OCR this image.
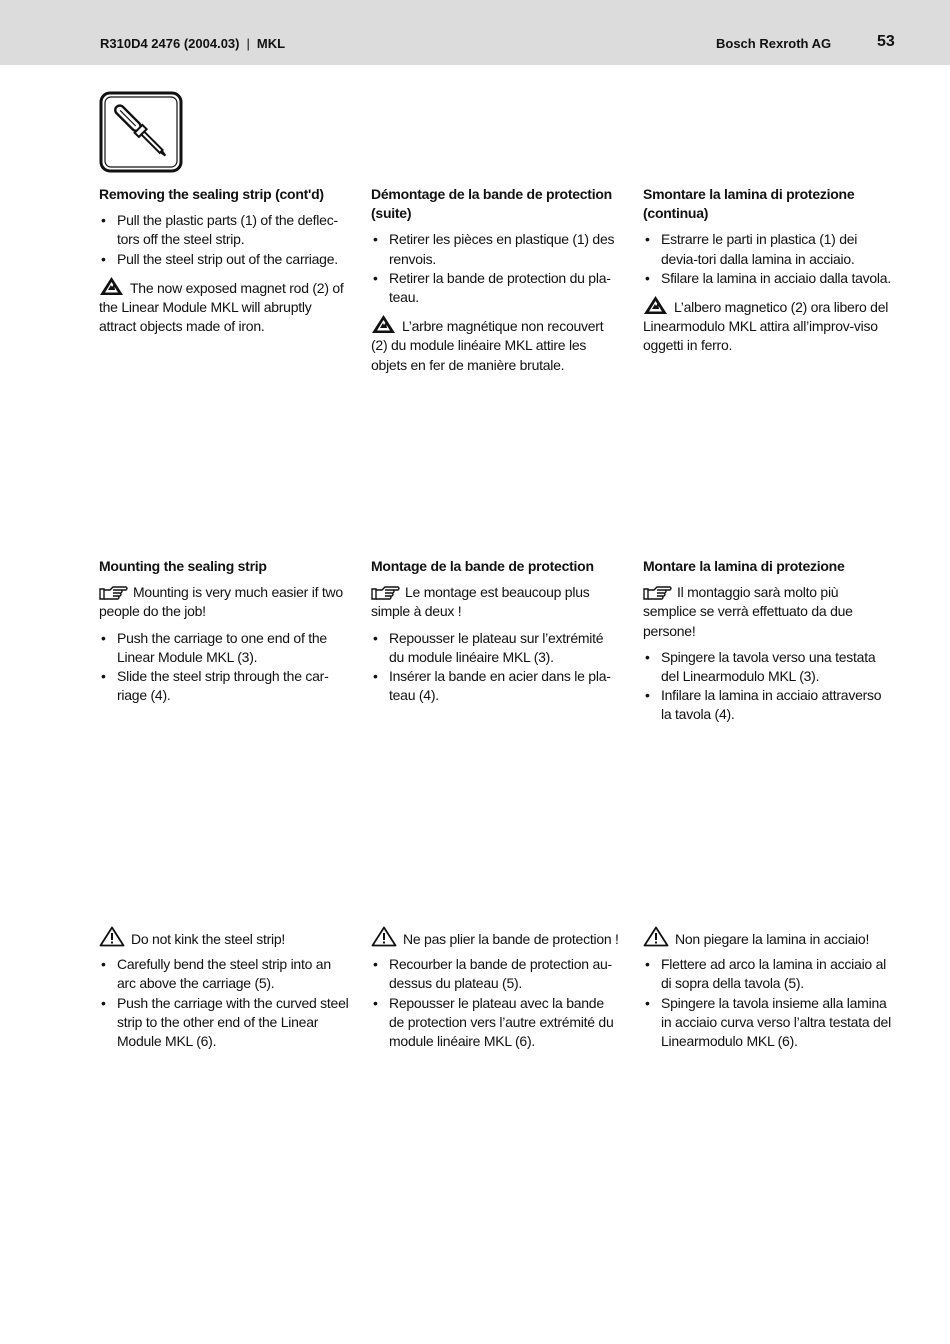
R310D4 2476 (2004.03) | MKL	Bosch Rexroth AG	53
Removing the sealing strip (cont'd)
• Pull the plastic parts (1) of the deflec-tors off the steel strip.
• Pull the steel strip out of the carriage.
The now exposed magnet rod (2) of the Linear Module MKL will abruptly attract objects made of iron.
Démontage de la bande de protection (suite)
• Retirer les pièces en plastique (1) des renvois.
• Retirer la bande de protection du pla-teau.
L’arbre magnétique non recouvert (2) du module linéaire MKL attire les objets en fer de manière brutale.
Smontare la lamina di protezione (continua)
• Estrarre le parti in plastica (1) dei devia-tori dalla lamina in acciaio.
• Sfilare la lamina in acciaio dalla tavola.
L’albero magnetico (2) ora libero del Linearmodulo MKL attira all’improv-viso oggetti in ferro.
Mounting the sealing strip
Mounting is very much easier if two people do the job!
• Push the carriage to one end of the Linear Module MKL (3).
• Slide the steel strip through the car-riage (4).
Montage de la bande de protection
Le montage est beaucoup plus simple à deux !
• Repousser le plateau sur l’extrémité du module linéaire MKL (3).
• Insérer la bande en acier dans le pla-teau (4).
Montare la lamina di protezione
Il montaggio sarà molto più semplice se verrà effettuato da due persone!
• Spingere la tavola verso una testata del Linearmodulo MKL (3).
• Infilare la lamina in acciaio attraverso la tavola (4).
Do not kink the steel strip!
• Carefully bend the steel strip into an arc above the carriage (5).
• Push the carriage with the curved steel strip to the other end of the Linear Module MKL (6).
Ne pas plier la bande de protection !
• Recourber la bande de protection au-dessus du plateau (5).
• Repousser le plateau avec la bande de protection vers l’autre extrémité du module linéaire MKL (6).
Non piegare la lamina in acciaio!
• Flettere ad arco la lamina in acciaio al di sopra della tavola (5).
• Spingere la tavola insieme alla lamina in acciaio curva verso l’altra testata del Linearmodulo MKL (6).
